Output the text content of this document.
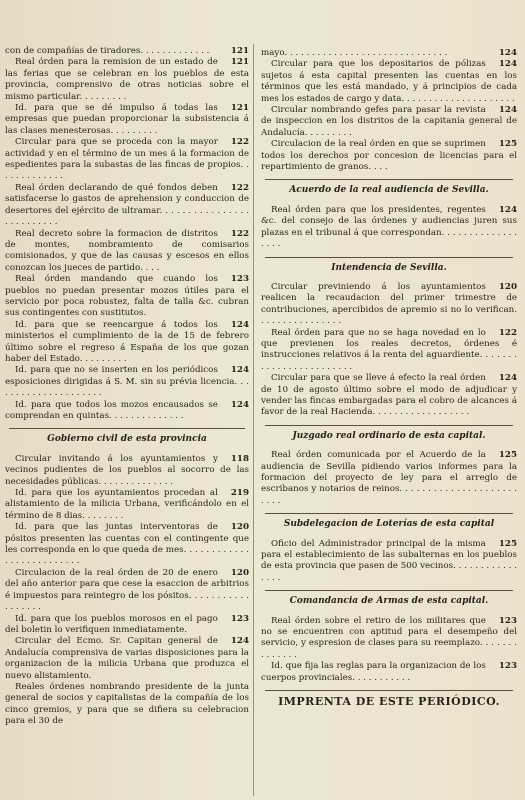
121
con de compañías de tiradores. . . . . . . . . . . . .
121
Real órden para la remision de un estado de las ferias que se celebran en los pueblos de esta provincia, comprensivo de otras noticias sobre el mismo particular. . . . . . . . .
121
Id. para que se dé impulso á todas las empresas que puedan proporcionar la subsistencia á las clases menesterosas. . . . . . . . .
122
Circular para que se proceda con la mayor actividad y en el término de un mes á la formacion de espedientes para la subastas de las fincas de propios. . . . . . . . . . . . .
122
Real órden declarando de qué fondos deben satisfacerse lo gastos de aprehension y conduccion de desertores del ejército de ultramar. . . . . . . . . . . . . . . . . . . . . . . . . .
122
Real decreto sobre la formacion de distritos de montes, nombramiento de comisarios comisionados, y que de las causas y escesos en ellos conozcan los jueces de partido. . . .
123
Real órden mandando que cuando los pueblos no puedan presentar mozos útiles para el servicio por poca robustez, falta de talla &c. cubran sus contingentes con sustitutos.
124
Id. para que se reencargue á todos los ministerios el cumplimiento de la de 15 de febrero último sobre el regreso á España de los que gozan haber del Estado. . . . . . . . .
124
Id. para que no se inserten en los periódicos esposiciones dirigidas á S. M. sin su prévia licencia. . . . . . . . . . . . . . . . . . . . .
124
Id. para que todos los mozos encausados se comprendan en quintas. . . . . . . . . . . . . .
Gobierno civil de esta provincia
118
Circular invitando á los ayuntamientos y vecinos pudientes de los pueblos al socorro de las necesidades públicas. . . . . . . . . . . . . .
219
Id. para que los ayuntamientos procedan al alistamiento de la milicia Urbana, verificándolo en el término de 8 dias. . . . . . . .
120
Id. para que las juntas interventoras de pósitos presenten las cuentas con el contingente que les corresponda en lo que queda de mes. . . . . . . . . . . . . . . . . . . . . . . . . .
120
Circulacion de la real órden de 20 de enero del año anterior para que cese la esaccion de arbitrios é impuestos para reintegro de los pósitos. . . . . . . . . . . . . . . . . .
123
Id. para que los pueblos morosos en el pago del boletin lo verifiquen inmediatamente.
124
Circular del Ecmo. Sr. Capitan general de Andalucía comprensiva de varias disposiciones para la organizacion de la milicia Urbana que produzca el nuevo alistamiento.
Reales órdenes nombrando presidente de la junta general de socios y capitalistas de la compañía de los cinco gremios, y para que se difiera su celebracion para el 30 de
124
mayo. . . . . . . . . . . . . . . . . . . . . . . . . . . . . .
124
Circular para que los depositarios de pólizas sujetos á esta capital presenten las cuentas en los términos que les está mandado, y á principios de cada mes los estados de cargo y data. . . . . . . . . . . . . . . . . . . . .
124
Circular nombrando gefes para pasar la revista de inspeccion en los distritos de la capitanía general de Andalucía. . . . . . . . .
125
Circulacion de la real órden en que se suprimen todos los derechos por concesion de licencias para el repartimiento de granos. . . .
Acuerdo de la real audiencia de Sevilla.
124
Real órden para que los presidentes, regentes &c. del consejo de las órdenes y audiencias juren sus plazas en el tribunal á que correspondan. . . . . . . . . . . . . . . . . .
Intendencia de Sevilla.
120
Circular previniendo á los ayuntamientos realicen la recaudacion del primer trimestre de contribuciones, apercibidos de apremio si no lo verifican. . . . . . . . . . . . . . . .
122
Real órden para que no se haga novedad en lo que previenen los reales decretos, órdenes é instrucciones relativos á la renta del aguardiente. . . . . . . . . . . . . . . . . . . . . . . .
124
Circular para que se lleve á efecto la real órden de 10 de agosto último sobre el modo de adjudicar y vender las fincas embargadas para el cobro de alcances á favor de la real Hacienda. . . . . . . . . . . . . . . . . .
Juzgado real ordinario de esta capital.
125
Real órden comunicada por el Acuerdo de la audiencia de Sevilla pidiendo varios informes para la formacion del proyecto de ley para el arreglo de escribanos y notarios de reinos. . . . . . . . . . . . . . . . . . . . . . . . .
Subdelegacion de Loterías de esta capital
125
Oficio del Administrador principal de la misma para el establecimiento de las subalternas en los pueblos de esta provincia que pasen de 500 vecinos. . . . . . . . . . . . . . . .
Comandancia de Armas de esta capital.
123
Real órden sobre el retiro de los militares que no se encuentren con aptitud para el desempeño del servicio, y espresion de clases para su reemplazo. . . . . . . . . . . . . .
123
Id. que fija las reglas para la organizacion de los cuerpos provinciales. . . . . . . . . . .
IMPRENTA DE ESTE PERIÓDICO.
